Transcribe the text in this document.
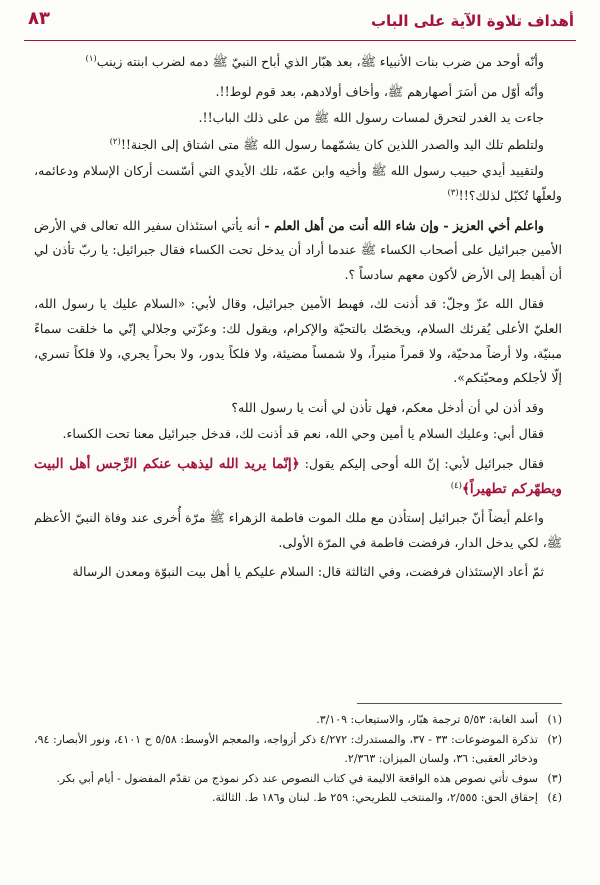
أهداف تلاوة الآية على الباب
٨٣

وأنّه أوحد من ضرب بنات الأنبياء ﷺ، بعد هبّار الذي أباح النبيّ ﷺ دمه لضرب ابنته زينب$^{(١)}$

وأنّه أوّل من أسَرَ أصهارهم ﷺ، وأخاف أولادهم، بعد قوم لوط!!.

جاءت يد الغدر لتحرق لمسات رسول الله ﷺ من على ذلك الباب!!.

ولتلطم تلك اليد والصدر اللذين كان يشمّهما رسول الله ﷺ متى اشتاق إلى الجنة!!$^{(٢)}$

ولتقييد أيدي حبيب رسول الله ﷺ وأخيه وابن عمّه، تلك الأيدي التي أسّست أركان الإسلام ودعائمه، ولعلّها تُكبّل لذلك؟!!$^{(٣)}$

واعلم أخي العزيز - وإن شاء الله أنت من أهل العلم - أنه يأتي استئذان سفير الله تعالى في الأرض الأمين جبرائيل على أصحاب الكساء ﷺ عندما أراد أن يدخل تحت الكساء فقال جبرائيل: يا ربّ تأذن لي أن أهبط إلى الأرض لأكون معهم سادساً ؟.

فقال الله عزّ وجلّ: قد أذنت لك، فهبط الأمين جبرائيل، وقال لأبي: «السلام عليك يا رسول الله، العليّ الأعلى يُقرئك السلام، ويخصّك بالتحيّة والإكرام، ويقول لك: وعزّتي وجلالي إنّي ما خلقت سماءً مبنيّة، ولا أرضاً مدحيّة، ولا قمراً منيراً، ولا شمساً مضيئة، ولا فلكاً يدور، ولا بحراً يجري، ولا فلكاً تسري، إلّا لأجلكم ومحبّتكم».

وقد أذن لي أن أدخل معكم، فهل تأذن لي أنت يا رسول الله؟

فقال أبي: وعليك السلام يا أمين وحي الله، نعم قد أذنت لك، فدخل جبرائيل معنا تحت الكساء.

فقال جبرائيل لأبي: إنّ الله أوحى إليكم يقول: ﴿إنّما يريد الله ليذهب عنكم الرِّجس أهل البيت ويطهّركم تطهيراً﴾$^{(٤)}$

واعلم أيضاً أنّ جبرائيل إستأذن مع ملك الموت فاطمة الزهراء ﷺ مرّة أُخرى عند وفاة النبيّ الأعظم ﷺ، لكي يدخل الدار، فرفضت فاطمة في المرّة الأولى.

ثمّ أعاد الإستئذان فرفضت، وفي الثالثة قال: السلام عليكم يا أهل بيت النبوّة ومعدن الرسالة

(١)
أسد الغابة: ٥/٥٣ ترجمة هبّار، والاستيعاب: ٣/١٠٩.
(٢)
تذكرة الموضوعات: ٣٣ - ٣٧، والمستدرك: ٤/٢٧٢ ذكر أزواجه، والمعجم الأوسط: ٥/٥٨ ح ٤١٠١، ونور الأبصار: ٩٤، وذخائر العقبى: ٣٦، ولسان الميزان: ٢/٣٦٣.
(٣)
سوف تأتي نصوص هذه الواقعة الاليمة في كتاب النصوص عند ذكر نموذج من تقدّم المفضول - أيام أبي بكر.
(٤)
إحقاق الحق: ٢/٥٥٥، والمنتخب للطريحي: ٢٥٩ ط. لبنان و١٨٦ ط. الثالثة.
